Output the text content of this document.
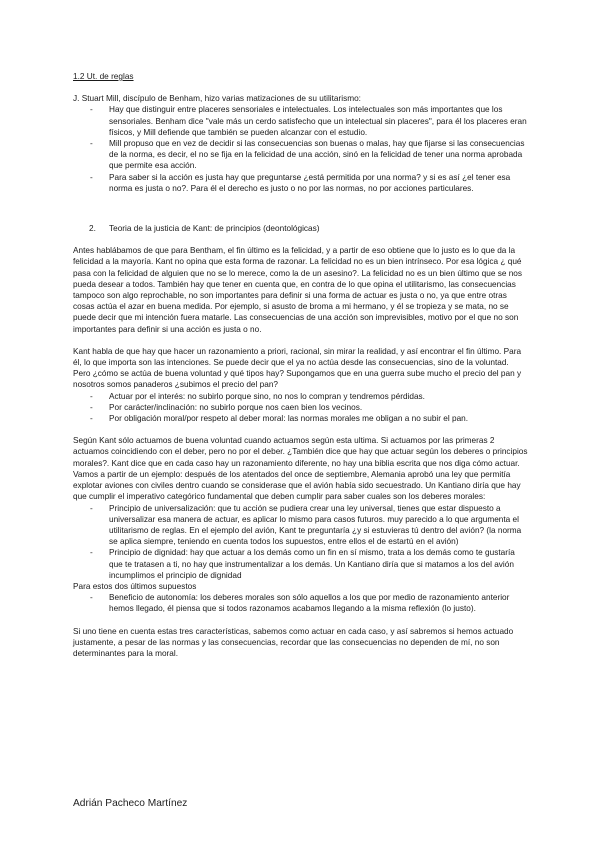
1.2 Ut. de reglas

J. Stuart Mill, discípulo de Benham, hizo varias matizaciones de su utilitarismo:

- Hay que distinguir entre placeres sensoriales e intelectuales. Los intelectuales son más importantes que los sensoriales. Benham dice "vale más un cerdo satisfecho que un intelectual sin placeres", para él los placeres eran físicos, y Mill defiende que también se pueden alcanzar con el estudio.
- Mill propuso que en vez de decidir si las consecuencias son buenas o malas, hay que fijarse si las consecuencias de la norma, es decir, el no se fija en la felicidad de una acción, sinó en la felicidad de tener una norma aprobada que permite esa acción.
- Para saber si la acción es justa hay que preguntarse ¿está permitida por una norma? y si es así ¿el tener esa norma es justa o no?. Para él el derecho es justo o no por las normas, no por acciones particulares.
2. Teoria de la justicia de Kant: de principios (deontológicas)

Antes hablábamos de que para Bentham, el fin último es la felicidad, y a partir de eso obtiene que lo justo es lo que da la felicidad a la mayoría. Kant no opina que esta forma de razonar. La felicidad no es un bien intrínseco. Por esa lógica ¿ qué pasa con la felicidad de alguien que no se lo merece, como la de un asesino?. La felicidad no es un bien último que se nos pueda desear a todos. También hay que tener en cuenta que, en contra de lo que opina el utilitarismo, las consecuencias tampoco son algo reprochable, no son importantes para definir si una forma de actuar es justa o no, ya que entre otras cosas actúa el azar en buena medida. Por ejemplo, si asusto de broma a mi hermano, y él se tropieza y se mata, no se puede decir que mi intención fuera matarle. Las consecuencias de una acción son imprevisibles, motivo por el que no son importantes para definir si una acción es justa o no.

Kant habla de que hay que hacer un razonamiento a priori, racional, sin mirar la realidad, y así encontrar el fin último. Para él, lo que importa son las intenciones. Se puede decir que el ya no actúa desde las consecuencias, sino de la voluntad. Pero ¿cómo se actúa de buena voluntad y qué tipos hay? Supongamos que en una guerra sube mucho el precio del pan y nosotros somos panaderos ¿subimos el precio del pan?

- Actuar por el interés: no subirlo porque sino, no nos lo compran y tendremos pérdidas.
- Por carácter/inclinación: no subirlo porque nos caen bien los vecinos.
- Por obligación moral/por respeto al deber moral: las normas morales me obligan a no subir el pan.

Según Kant sólo actuamos de buena voluntad cuando actuamos según esta ultima. Si actuamos por las primeras 2 actuamos coincidiendo con el deber, pero no por el deber. ¿También dice que hay que actuar según los deberes o principios morales?. Kant dice que en cada caso hay un razonamiento diferente, no hay una biblia escrita que nos diga cómo actuar.

Vamos a partir de un ejemplo: después de los atentados del once de septiembre, Alemania aprobó una ley que permitía explotar aviones con civiles dentro cuando se considerase que el avión había sido secuestrado. Un Kantiano diría que hay que cumplir el imperativo categórico fundamental que deben cumplir para saber cuales son los deberes morales:

- Principio de universalización: que tu acción se pudiera crear una ley universal, tienes que estar dispuesto a universalizar esa manera de actuar, es aplicar lo mismo para casos futuros. muy parecido a lo que argumenta el utilitarismo de reglas. En el ejemplo del avión, Kant te preguntaría ¿y si estuvieras tú dentro del avión? (la norma se aplica siempre, teniendo en cuenta todos los supuestos, entre ellos el de estartú en el avión)
- Principio de dignidad: hay que actuar a los demás como un fin en sí mismo, trata a los demás como te gustaría que te tratasen a ti, no hay que instrumentalizar a los demás. Un Kantiano diría que si matamos a los del avión incumplimos el principio de dignidad

Para estos dos últimos supuestos

- Beneficio de autonomía: los deberes morales son sólo aquellos a los que por medio de razonamiento anterior hemos llegado, él piensa que si todos razonamos acabamos llegando a la misma reflexión (lo justo).

Si uno tiene en cuenta estas tres características, sabemos como actuar en cada caso, y así sabremos si hemos actuado justamente, a pesar de las normas y las consecuencias, recordar que las consecuencias no dependen de mí, no son determinantes para la moral.

Adrián Pacheco Martínez
